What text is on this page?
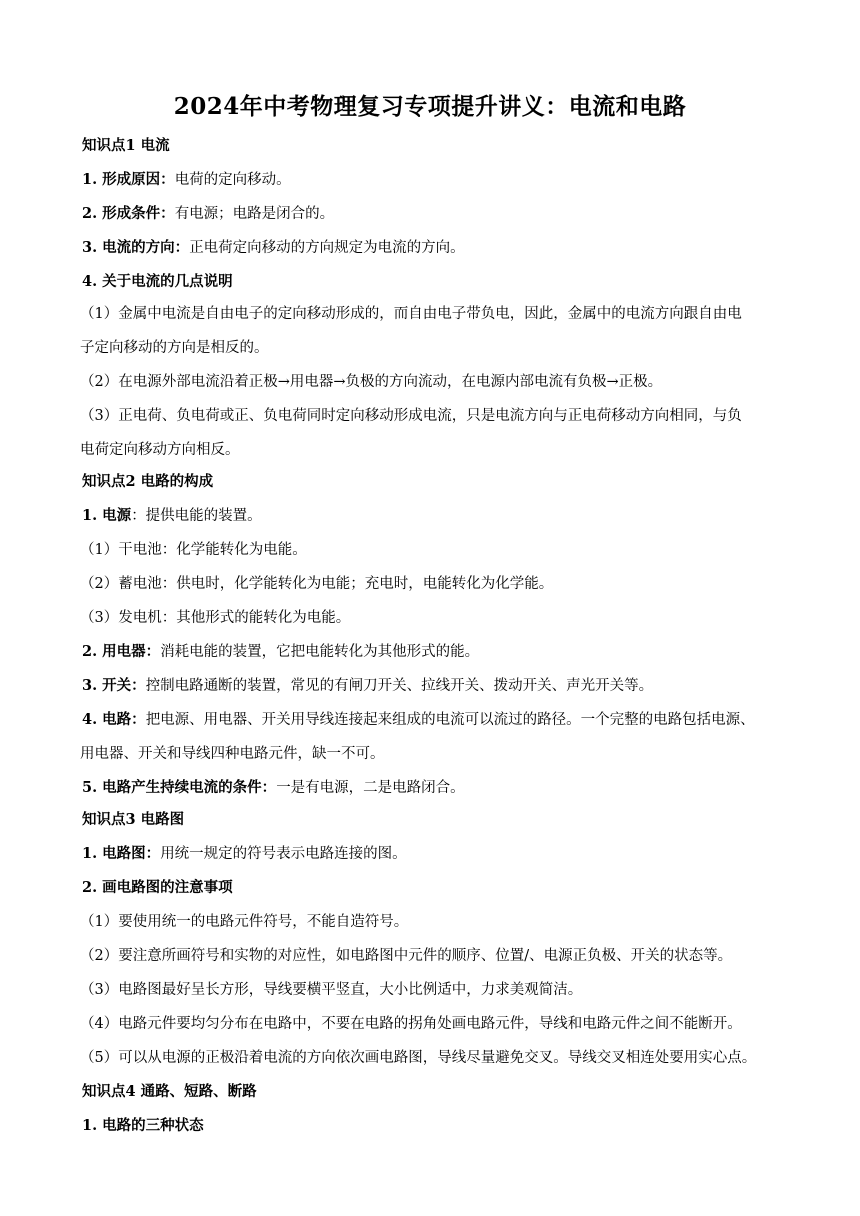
2024年中考物理复习专项提升讲义：电流和电路
知识点1 电流
1. 形成原因：电荷的定向移动。
2. 形成条件：有电源；电路是闭合的。
3. 电流的方向：正电荷定向移动的方向规定为电流的方向。
4. 关于电流的几点说明
（1）金属中电流是自由电子的定向移动形成的，而自由电子带负电，因此，金属中的电流方向跟自由电
子定向移动的方向是相反的。
（2）在电源外部电流沿着正极→用电器→负极的方向流动，在电源内部电流有负极→正极。
（3）正电荷、负电荷或正、负电荷同时定向移动形成电流，只是电流方向与正电荷移动方向相同，与负
电荷定向移动方向相反。
知识点2 电路的构成
1. 电源：提供电能的装置。
（1）干电池：化学能转化为电能。
（2）蓄电池：供电时，化学能转化为电能；充电时，电能转化为化学能。
（3）发电机：其他形式的能转化为电能。
2. 用电器：消耗电能的装置，它把电能转化为其他形式的能。
3. 开关：控制电路通断的装置，常见的有闸刀开关、拉线开关、拨动开关、声光开关等。
4. 电路：把电源、用电器、开关用导线连接起来组成的电流可以流过的路径。一个完整的电路包括电源、
用电器、开关和导线四种电路元件，缺一不可。
5. 电路产生持续电流的条件：一是有电源，二是电路闭合。
知识点3 电路图
1. 电路图：用统一规定的符号表示电路连接的图。
2. 画电路图的注意事项
（1）要使用统一的电路元件符号，不能自造符号。
（2）要注意所画符号和实物的对应性，如电路图中元件的顺序、位置/、电源正负极、开关的状态等。
（3）电路图最好呈长方形，导线要横平竖直，大小比例适中，力求美观简洁。
（4）电路元件要均匀分布在电路中，不要在电路的拐角处画电路元件，导线和电路元件之间不能断开。
（5）可以从电源的正极沿着电流的方向依次画电路图，导线尽量避免交叉。导线交叉相连处要用实心点。
知识点4 通路、短路、断路
1. 电路的三种状态
